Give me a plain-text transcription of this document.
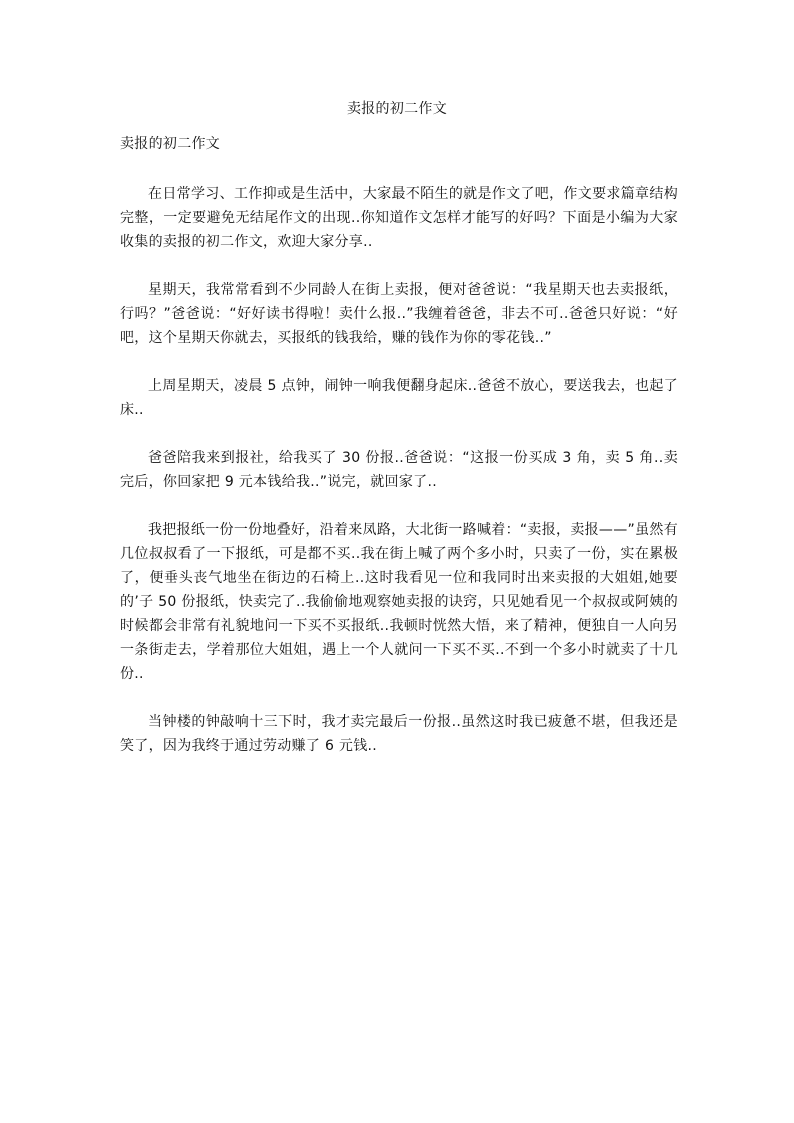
卖报的初二作文
卖报的初二作文

在日常学习、工作抑或是生活中，大家最不陌生的就是作文了吧，作文要求篇章结构完整，一定要避免无结尾作文的出现..你知道作文怎样才能写的好吗？下面是小编为大家收集的卖报的初二作文，欢迎大家分享..

星期天，我常常看到不少同龄人在街上卖报，便对爸爸说：“我星期天也去卖报纸，行吗？”爸爸说：“好好读书得啦！卖什么报..”我缠着爸爸，非去不可..爸爸只好说：“好吧，这个星期天你就去，买报纸的钱我给，赚的钱作为你的零花钱..”

上周星期天，凌晨 5 点钟，闹钟一响我便翻身起床..爸爸不放心，要送我去，也起了床..

爸爸陪我来到报社，给我买了 30 份报..爸爸说：“这报一份买成 3 角，卖 5 角..卖完后，你回家把 9 元本钱给我..”说完，就回家了..

我把报纸一份一份地叠好，沿着来凤路，大北街一路喊着：“卖报，卖报——”虽然有几位叔叔看了一下报纸，可是都不买..我在街上喊了两个多小时，只卖了一份，实在累极了，便垂头丧气地坐在街边的石椅上..这时我看见一位和我同时出来卖报的大姐姐,她要的’子 50 份报纸，快卖完了..我偷偷地观察她卖报的诀窍，只见她看见一个叔叔或阿姨的时候都会非常有礼貌地问一下买不买报纸..我顿时恍然大悟，来了精神，便独自一人向另一条街走去，学着那位大姐姐，遇上一个人就问一下买不买..不到一个多小时就卖了十几份..

当钟楼的钟敲响十三下时，我才卖完最后一份报..虽然这时我已疲惫不堪，但我还是笑了，因为我终于通过劳动赚了 6 元钱..
